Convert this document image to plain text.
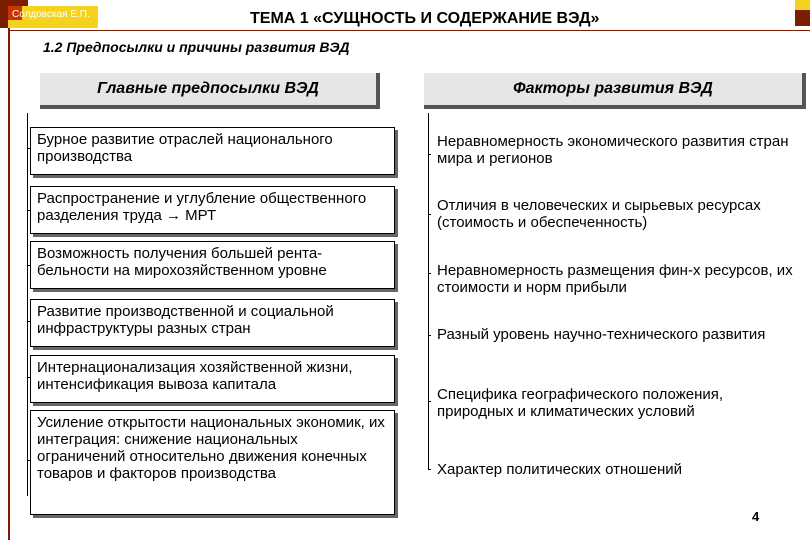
Солдовская Е.П.	ТЕМА 1 «СУЩНОСТЬ И СОДЕРЖАНИЕ ВЭД»
1.2 Предпосылки и причины развития ВЭД
Главные предпосылки ВЭД	Факторы развития ВЭД
Бурное развитие отраслей национального производства
Распространение и углубление общественного разделения труда → МРТ
Возможность получения большей рента-бельности на мирохозяйственном уровне
Развитие производственной и социальной инфраструктуры разных стран
Интернационализация хозяйственной жизни, интенсификация вывоза капитала
Усиление открытости национальных экономик, их интеграция: снижение национальных ограничений относительно движения конечных товаров и факторов производства
Неравномерность экономического развития стран мира и регионов
Отличия в человеческих и сырьевых ресурсах (стоимость и обеспеченность)
Неравномерность размещения фин-х ресурсов, их стоимости и норм прибыли
Разный уровень научно-технического развития
Специфика географического положения, природных и климатических условий
Характер политических отношений
4
